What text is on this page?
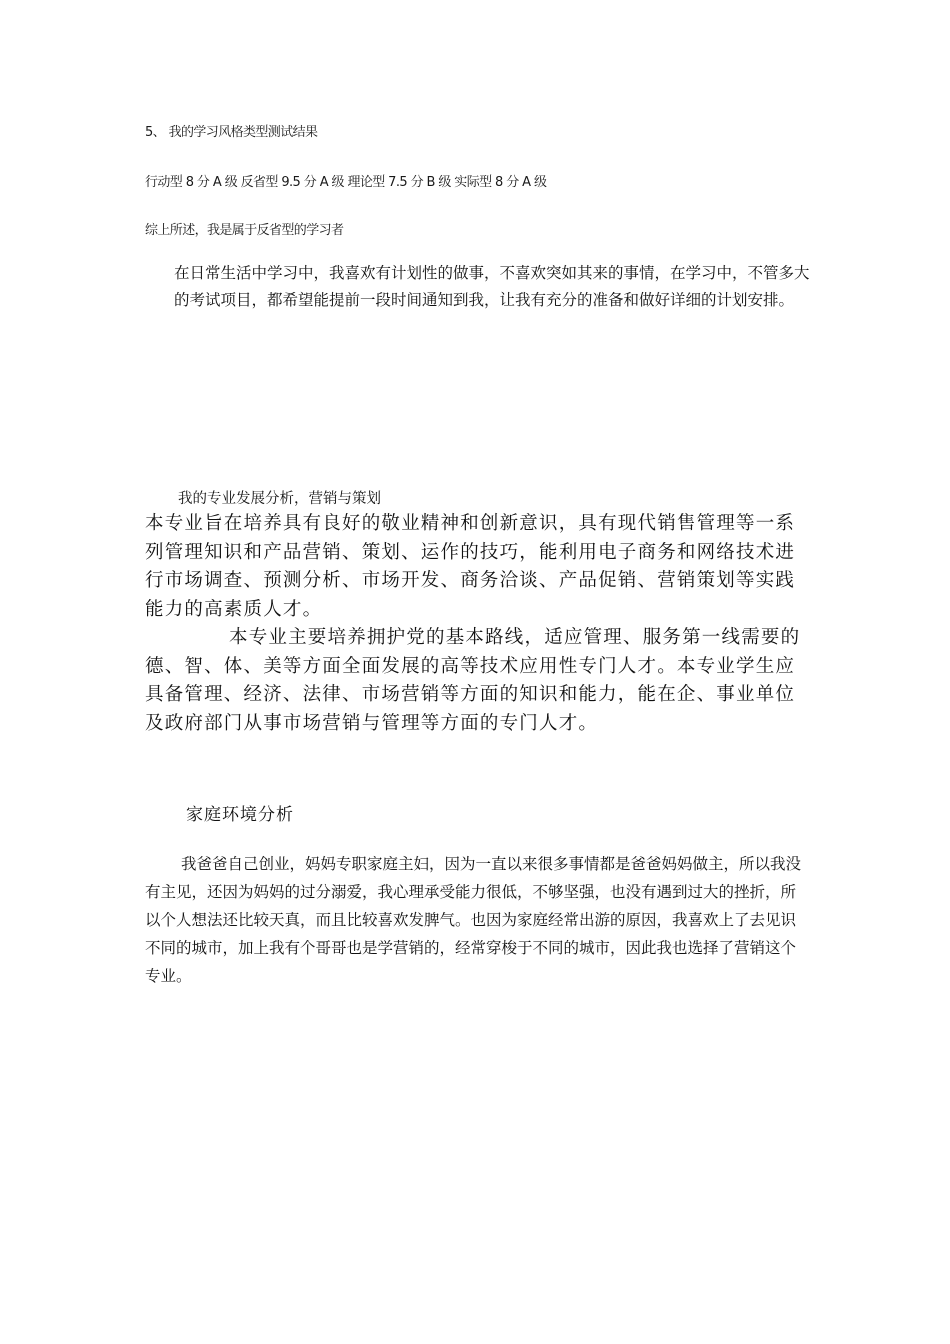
5、 我的学习风格类型测试结果
行动型 8 分 A 级 反省型 9.5 分 A 级 理论型 7.5 分 B 级 实际型 8 分 A 级
综上所述，我是属于反省型的学习者

在日常生活中学习中，我喜欢有计划性的做事，不喜欢突如其来的事情，在学习中，不管多大的考试项目，都希望能提前一段时间通知到我，让我有充分的准备和做好详细的计划安排。

我的专业发展分析，营销与策划

本专业旨在培养具有良好的敬业精神和创新意识，具有现代销售管理等一系列管理知识和产品营销、策划、运作的技巧，能利用电子商务和网络技术进行市场调查、预测分析、市场开发、商务洽谈、产品促销、营销策划等实践能力的高素质人才。

本专业主要培养拥护党的基本路线，适应管理、服务第一线需要的德、智、体、美等方面全面发展的高等技术应用性专门人才。本专业学生应具备管理、经济、法律、市场营销等方面的知识和能力，能在企、事业单位及政府部门从事市场营销与管理等方面的专门人才。

家庭环境分析

我爸爸自己创业，妈妈专职家庭主妇，因为一直以来很多事情都是爸爸妈妈做主，所以我没有主见，还因为妈妈的过分溺爱，我心理承受能力很低，不够坚强，也没有遇到过大的挫折，所以个人想法还比较天真，而且比较喜欢发脾气。也因为家庭经常出游的原因，我喜欢上了去见识不同的城市，加上我有个哥哥也是学营销的，经常穿梭于不同的城市，因此我也选择了营销这个专业。
